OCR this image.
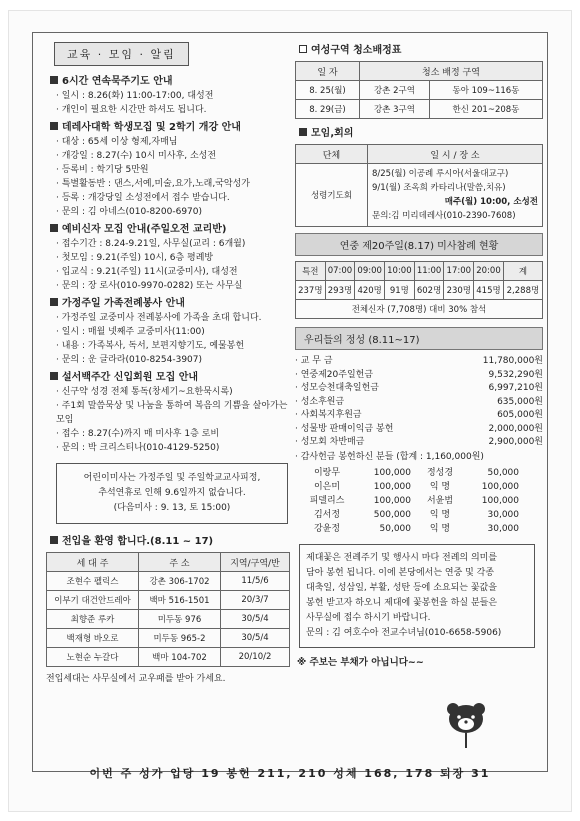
교육 · 모임 · 알림
6시간 연속묵주기도 안내
· 일시 : 8.26(화) 11:00-17:00, 대성전
· 개인이 필요한 시간만 하셔도 됩니다.
데레사대학 학생모집 및 2학기 개강 안내
· 대상 : 65세 이상 형제,자매님
· 개강일 : 8.27(수) 10시 미사후, 소성전
· 등록비 : 학기당 5만원
· 특별활동반 : 댄스,서예,미술,요가,노래,국악성가
· 등록 : 개강당일 소성전에서 접수 받습니다.
· 문의 : 김 아네스(010-8200-6970)
예비신자 모집 안내(주일오전 교리반)
· 접수기간 : 8.24-9.21일, 사무실(교리 : 6개월)
· 첫모임 : 9.21(주일) 10시, 6층 평례방
· 입교식 : 9.21(주일) 11시(교중미사), 대성전
· 문의 : 장 로사(010-9970-0282) 또는 사무실
가정주일 가족전례봉사 안내
· 가정주일 교중미사 전례봉사에 가족을 초대 합니다.
· 일시 : 매월 넷째주 교중미사(11:00)
· 내용 : 가족복사, 독서, 보편지향기도, 예물봉헌
· 문의 : 운 글라라(010-8254-3907)
설서백주간 신입회원 모집 안내
· 신구약 성경 전체 통독(창세기~요한묵시록)
· 주1회 말씀묵상 및 나눔을 통하여 복음의 기쁨을 살아가는 모임
· 접수 : 8.27(수)까지 매 미사후 1층 로비
· 문의 : 박 크리스티나(010-4129-5250)
어린이미사는 가정주일 및 주일학교교사피정,
추석연휴로 인해 9.6일까지 없습니다.
(다음미사 : 9. 13, 토 15:00)
전입을 환영 합니다.(8.11 ~ 17)
세 대 주	주 소	지역/구역/반
조현수 펠릭스	강촌 306-1702	11/5/6
이부기 대건안드레아	백마 516-1501	20/3/7
최향준 루카	미두동 976	30/5/4
백재형 바오로	미두동 965-2	30/5/4
노현순 누갈다	백마 104-702	20/10/2
전입세대는 사무실에서 교우패를 받아 가세요.
여성구역 청소배정표
일 자	청소 배정 구역	
8. 25(월)	강촌 2구역	동아 109~116동
8. 29(금)	강촌 3구역	한신 201~208동
모임,회의
단체	일 시 / 장 소
성령기도회	8/25(월) 이공례 루시아(서울대교구)
9/1(월) 조옥희 카타리나(말씀,치유)
매주(월) 10:00, 소성전
문의:김 미리데레사(010-2390-7608)
연중 제20주일(8.17) 미사참례 현황
특전	07:00	09:00	10:00	11:00	17:00	20:00	계
237명	293명	420명	91명	602명	230명	415명	2,288명
전체신자 (7,708명) 대비 30% 참석							
우리들의 정성 (8.11~17)
· 교 무 금	11,780,000원
· 연중제20주일헌금	9,532,290원
· 성모승천대축일헌금	6,997,210원
· 성소후원금	635,000원
· 사회복지후원금	605,000원
· 성물방 판매이익금 봉헌	2,000,000원
· 성모회 차반매금	2,900,000원
· 감사헌금 봉헌하신 분들 (합계 : 1,160,000원)
이랑무	100,000	정성경	50,000
이은미	100,000	익 명	100,000
피델리스	100,000	서윤범	100,000
김서정	500,000	익 명	30,000
강윤정	50,000	익 명	30,000
제대꽃은 전례주기 및 행사시 마다 전례의 의미를
담아 봉헌 됩니다. 이에 본당에서는 연중 및 각종
대축일, 성삼일, 부활, 성탄 등에 소요되는 꽃값을
봉헌 받고자 하오니 제대에 꽃봉헌을 하실 분들은
사무실에 접수 하시기 바랍니다.
문의 : 김 여호수아 전교수녀님(010-6658-5906)
※ 주보는 부채가 아닙니다~~
이번 주 성가 입당 19 봉헌 211, 210 성체 168, 178 퇴장 31
